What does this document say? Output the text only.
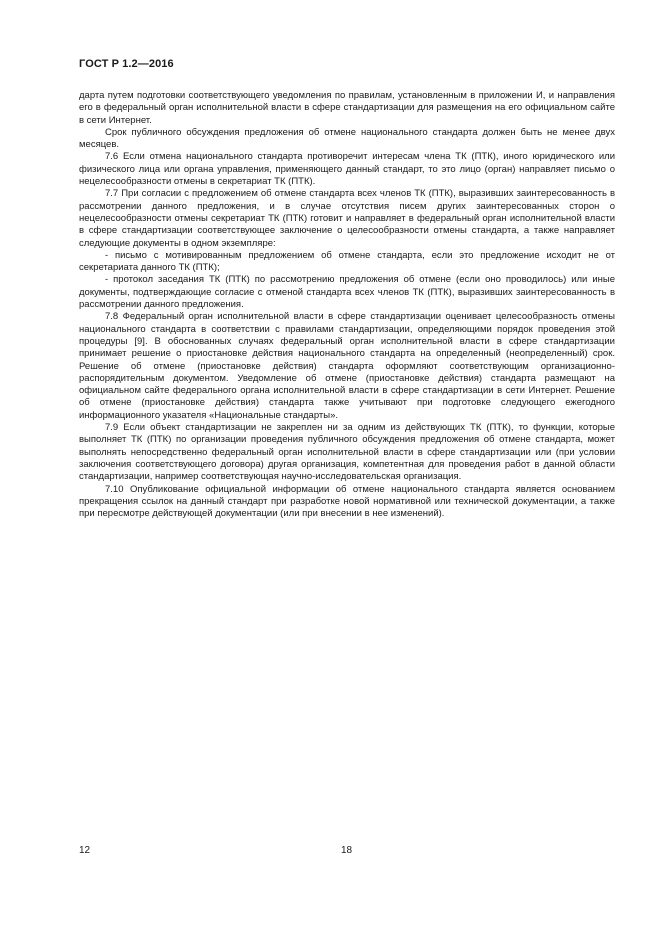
ГОСТ Р 1.2—2016

дарта путем подготовки соответствующего уведомления по правилам, установленным в приложении И, и направления его в федеральный орган исполнительной власти в сфере стандартизации для размещения на его официальном сайте в сети Интернет.

Срок публичного обсуждения предложения об отмене национального стандарта должен быть не менее двух месяцев.

7.6 Если отмена национального стандарта противоречит интересам члена ТК (ПТК), иного юридического или физического лица или органа управления, применяющего данный стандарт, то это лицо (орган) направляет письмо о нецелесообразности отмены в секретариат ТК (ПТК).

7.7 При согласии с предложением об отмене стандарта всех членов ТК (ПТК), выразивших заинтересованность в рассмотрении данного предложения, и в случае отсутствия писем других заинтересованных сторон о нецелесообразности отмены секретариат ТК (ПТК) готовит и направляет в федеральный орган исполнительной власти в сфере стандартизации соответствующее заключение о целесообразности отмены стандарта, а также направляет следующие документы в одном экземпляре:

- письмо с мотивированным предложением об отмене стандарта, если это предложение исходит не от секретариата данного ТК (ПТК);

- протокол заседания ТК (ПТК) по рассмотрению предложения об отмене (если оно проводилось) или иные документы, подтверждающие согласие с отменой стандарта всех членов ТК (ПТК), выразивших заинтересованность в рассмотрении данного предложения.

7.8 Федеральный орган исполнительной власти в сфере стандартизации оценивает целесообразность отмены национального стандарта в соответствии с правилами стандартизации, определяющими порядок проведения этой процедуры [9]. В обоснованных случаях федеральный орган исполнительной власти в сфере стандартизации принимает решение о приостановке действия национального стандарта на определенный (неопределенный) срок. Решение об отмене (приостановке действия) стандарта оформляют соответствующим организационно-распорядительным документом. Уведомление об отмене (приостановке действия) стандарта размещают на официальном сайте федерального органа исполнительной власти в сфере стандартизации в сети Интернет. Решение об отмене (приостановке действия) стандарта также учитывают при подготовке следующего ежегодного информационного указателя «Национальные стандарты».

7.9 Если объект стандартизации не закреплен ни за одним из действующих ТК (ПТК), то функции, которые выполняет ТК (ПТК) по организации проведения публичного обсуждения предложения об отмене стандарта, может выполнять непосредственно федеральный орган исполнительной власти в сфере стандартизации или (при условии заключения соответствующего договора) другая организация, компетентная для проведения работ в данной области стандартизации, например соответствующая научно-исследовательская организация.

7.10 Опубликование официальной информации об отмене национального стандарта является основанием прекращения ссылок на данный стандарт при разработке новой нормативной или технической документации, а также при пересмотре действующей документации (или при внесении в нее изменений).

12	18
